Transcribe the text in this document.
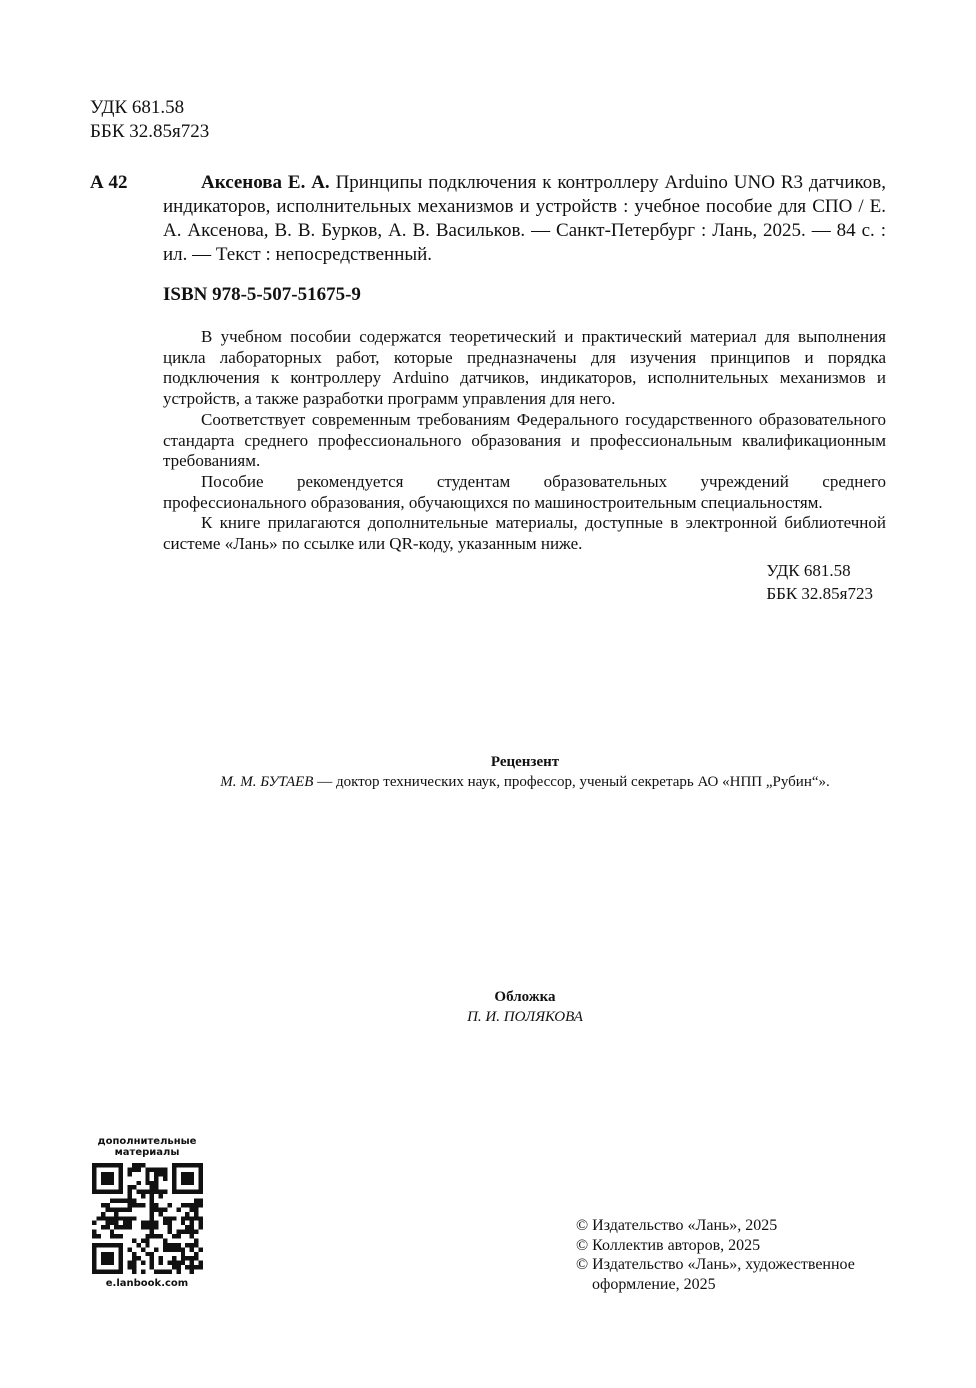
УДК 681.58
ББК 32.85я723
А 42	Аксенова Е. А. Принципы подключения к контроллеру Arduino UNO R3 датчиков, индикаторов, исполнительных механизмов и устройств : учебное пособие для СПО / Е. А. Аксенова, В. В. Бурков, А. В. Васильков. — Санкт-Петербург : Лань, 2025. — 84 с. : ил. — Текст : непосредственный.
ISBN 978-5-507-51675-9

В учебном пособии содержатся теоретический и практический материал для выполнения цикла лабораторных работ, которые предназначены для изучения принципов и порядка подключения к контроллеру Arduino датчиков, индикаторов, исполнительных механизмов и устройств, а также разработки программ управления для него.

Соответствует современным требованиям Федерального государственного образовательного стандарта среднего профессионального образования и профессиональным квалификационным требованиям.

Пособие рекомендуется студентам образовательных учреждений среднего профессионального образования, обучающихся по машиностроительным специальностям.

К книге прилагаются дополнительные материалы, доступные в электронной библиотечной системе «Лань» по ссылке или QR-коду, указанным ниже.

УДК 681.58
ББК 32.85я723
Рецензент
М. М. БУТАЕВ — доктор технических наук, профессор, ученый секретарь АО «НПП „Рубин“».
Обложка
П. И. ПОЛЯКОВА
дополнительные
материалы
e.lanbook.com
© Издательство «Лань», 2025
© Коллектив авторов, 2025
© Издательство «Лань», художественное
оформление, 2025
